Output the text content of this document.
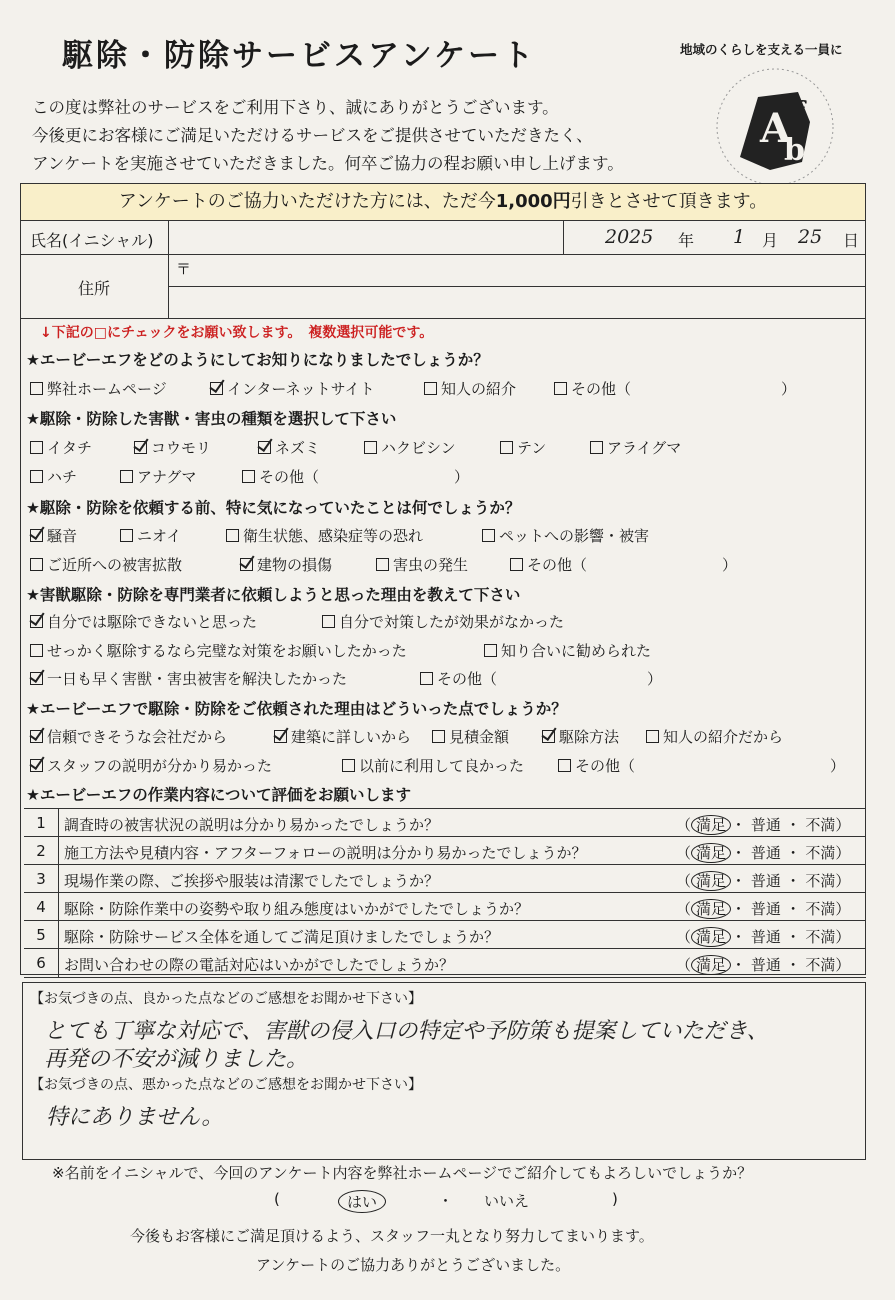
駆除・防除サービスアンケート
この度は弊社のサービスをご利用下さり、誠にありがとうございます。
今後更にお客様にご満足いただけるサービスをご提供させていただきたく、
アンケートを実施させていただきました。何卒ご協力の程お願い申し上げます。
地域のくらしを支える一員に
A
b
f
アンケートのご協力いただけた方には、ただ今1,000円引きとさせて頂きます。
氏名(イニシャル)	2025 年 1 月 25 日
住所
〒
↓下記の□にチェックをお願い致します。　複数選択可能です。
★エービーエフをどのようにしてお知りになりましたでしょうか？
弊社ホームページ	インターネットサイト	知人の紹介	その他（　　　　　　　　　　）
★駆除・防除した害獣・害虫の種類を選択して下さい
イタチ	コウモリ	ネズミ	ハクビシン	テン	アライグマ
ハチ	アナグマ	その他（　　　　　　　　　）
★駆除・防除を依頼する前、特に気になっていたことは何でしょうか？
騒音	ニオイ	衛生状態、感染症等の恐れ	ペットへの影響・被害
ご近所への被害拡散	建物の損傷	害虫の発生	その他（　　　　　　　　　）
★害獣駆除・防除を専門業者に依頼しようと思った理由を教えて下さい
自分では駆除できないと思った	自分で対策したが効果がなかった
せっかく駆除するなら完璧な対策をお願いしたかった	知り合いに勧められた
一日も早く害獣・害虫被害を解決したかった	その他（　　　　　　　　　　）
★エービーエフで駆除・防除をご依頼された理由はどういった点でしょうか？
信頼できそうな会社だから	建築に詳しいから	見積金額	駆除方法	知人の紹介だから
スタッフの説明が分かり易かった	以前に利用して良かった	その他（　　　　　　　　　　　　　）
★エービーエフの作業内容について評価をお願いします
1	調査時の被害状況の説明は分かり易かったでしょうか？	（ 満足 ・ 普通 ・ 不満）
2	施工方法や見積内容・アフターフォローの説明は分かり易かったでしょうか？	（ 満足 ・ 普通 ・ 不満）
3	現場作業の際、ご挨拶や服装は清潔でしたでしょうか？	（ 満足 ・ 普通 ・ 不満）
4	駆除・防除作業中の姿勢や取り組み態度はいかがでしたでしょうか？	（ 満足 ・ 普通 ・ 不満）
5	駆除・防除サービス全体を通してご満足頂けましたでしょうか？	（ 満足 ・ 普通 ・ 不満）
6	お問い合わせの際の電話対応はいかがでしたでしょうか？	（ 満足 ・ 普通 ・ 不満）
【お気づきの点、良かった点などのご感想をお聞かせ下さい】
とても丁寧な対応で、害獣の侵入口の特定や予防策も提案していただき、
再発の不安が減りました。
【お気づきの点、悪かった点などのご感想をお聞かせ下さい】
特にありません。
※名前をイニシャルで、今回のアンケート内容を弊社ホームページでご紹介してもよろしいでしょうか？
(	はい	・ いいえ	)
今後もお客様にご満足頂けるよう、スタッフ一丸となり努力してまいります。
アンケートのご協力ありがとうございました。
